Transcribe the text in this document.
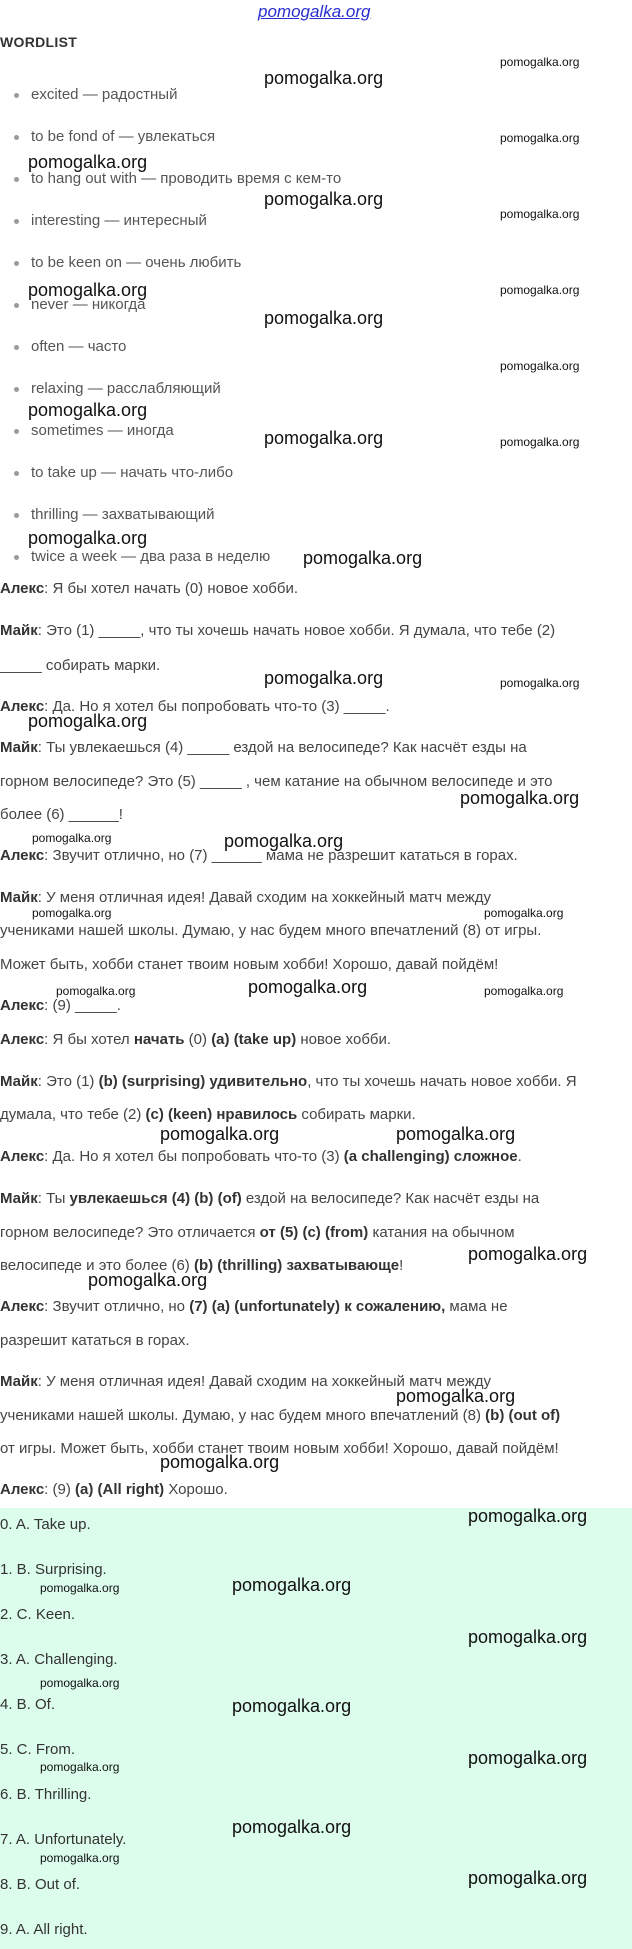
pomogalka.org
WORDLIST
excited — радостный
to be fond of — увлекаться
to hang out with — проводить время с кем-то
interesting — интересный
to be keen on — очень любить
never — никогда
often — часто
relaxing — расслабляющий
sometimes — иногда
to take up — начать что-либо
thrilling — захватывающий
twice a week — два раза в неделю
Алекс: Я бы хотел начать (0) новое хобби.
Майк: Это (1) _____, что ты хочешь начать новое хобби. Я думала, что тебе (2)
_____ собирать марки.
Алекс: Да. Но я хотел бы попробовать что-то (3) _____.
Майк: Ты увлекаешься (4) _____ ездой на велосипеде? Как насчёт езды на
горном велосипеде? Это (5) _____ , чем катание на обычном велосипеде и это
более (6) ______!
Алекс: Звучит отлично, но (7) ______ мама не разрешит кататься в горах.
Майк: У меня отличная идея! Давай сходим на хоккейный матч между
учениками нашей школы. Думаю, у нас будем много впечатлений (8) от игры.
Может быть, хобби станет твоим новым хобби! Хорошо, давай пойдём!
Алекс: (9) _____.
Алекс: Я бы хотел начать (0) (a) (take up) новое хобби.
Майк: Это (1) (b) (surprising) удивительно, что ты хочешь начать новое хобби. Я
думала, что тебе (2) (c) (keen) нравилось собирать марки.
Алекс: Да. Но я хотел бы попробовать что-то (3) (a challenging) сложное.
Майк: Ты увлекаешься (4) (b) (of) ездой на велосипеде? Как насчёт езды на
горном велосипеде? Это отличается от (5) (c) (from) катания на обычном
велосипеде и это более (6) (b) (thrilling) захватывающе!
Алекс: Звучит отлично, но (7) (a) (unfortunately) к сожалению, мама не
разрешит кататься в горах.
Майк: У меня отличная идея! Давай сходим на хоккейный матч между
учениками нашей школы. Думаю, у нас будем много впечатлений (8) (b) (out of)
от игры. Может быть, хобби станет твоим новым хобби! Хорошо, давай пойдём!
Алекс: (9) (a) (All right) Хорошо.
0. A. Take up.
1. B. Surprising.
2. C. Keen.
3. A. Challenging.
4. B. Of.
5. C. From.
6. B. Thrilling.
7. A. Unfortunately.
8. B. Out of.
9. A. All right.
pomogalka.org
pomogalka.org
pomogalka.org
pomogalka.org
pomogalka.org
pomogalka.org
pomogalka.org	pomogalka.org
pomogalka.org
pomogalka.org
pomogalka.org
pomogalka.org	pomogalka.org
pomogalka.org
pomogalka.org
pomogalka.org	pomogalka.org
pomogalka.org
pomogalka.org
pomogalka.org	pomogalka.org
pomogalka.org	pomogalka.org
pomogalka.org
pomogalka.org	pomogalka.org
pomogalka.org	pomogalka.org
pomogalka.org
pomogalka.org
pomogalka.org
pomogalka.org
pomogalka.org
pomogalka.org	pomogalka.org
pomogalka.org
pomogalka.org
pomogalka.org
pomogalka.org	pomogalka.org
pomogalka.org
pomogalka.org
pomogalka.org
